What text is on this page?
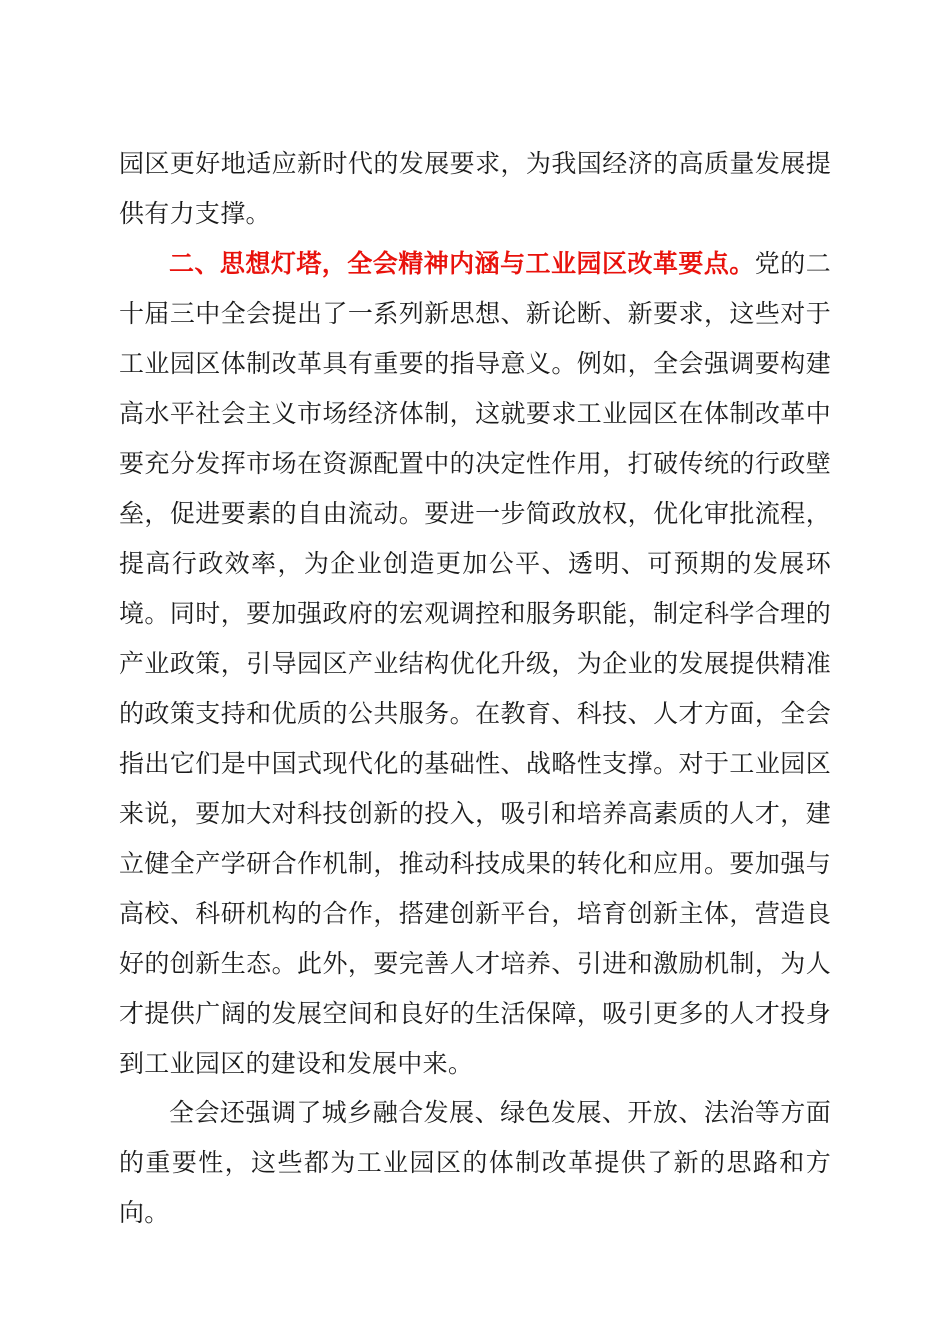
园区更好地适应新时代的发展要求，为我国经济的高质量发展提供有力支撑。

二、思想灯塔，全会精神内涵与工业园区改革要点。党的二十届三中全会提出了一系列新思想、新论断、新要求，这些对于工业园区体制改革具有重要的指导意义。例如，全会强调要构建高水平社会主义市场经济体制，这就要求工业园区在体制改革中要充分发挥市场在资源配置中的决定性作用，打破传统的行政壁垒，促进要素的自由流动。要进一步简政放权，优化审批流程，提高行政效率，为企业创造更加公平、透明、可预期的发展环境。同时，要加强政府的宏观调控和服务职能，制定科学合理的产业政策，引导园区产业结构优化升级，为企业的发展提供精准的政策支持和优质的公共服务。在教育、科技、人才方面，全会指出它们是中国式现代化的基础性、战略性支撑。对于工业园区来说，要加大对科技创新的投入，吸引和培养高素质的人才，建立健全产学研合作机制，推动科技成果的转化和应用。要加强与高校、科研机构的合作，搭建创新平台，培育创新主体，营造良好的创新生态。此外，要完善人才培养、引进和激励机制，为人才提供广阔的发展空间和良好的生活保障，吸引更多的人才投身到工业园区的建设和发展中来。

全会还强调了城乡融合发展、绿色发展、开放、法治等方面的重要性，这些都为工业园区的体制改革提供了新的思路和方向。
